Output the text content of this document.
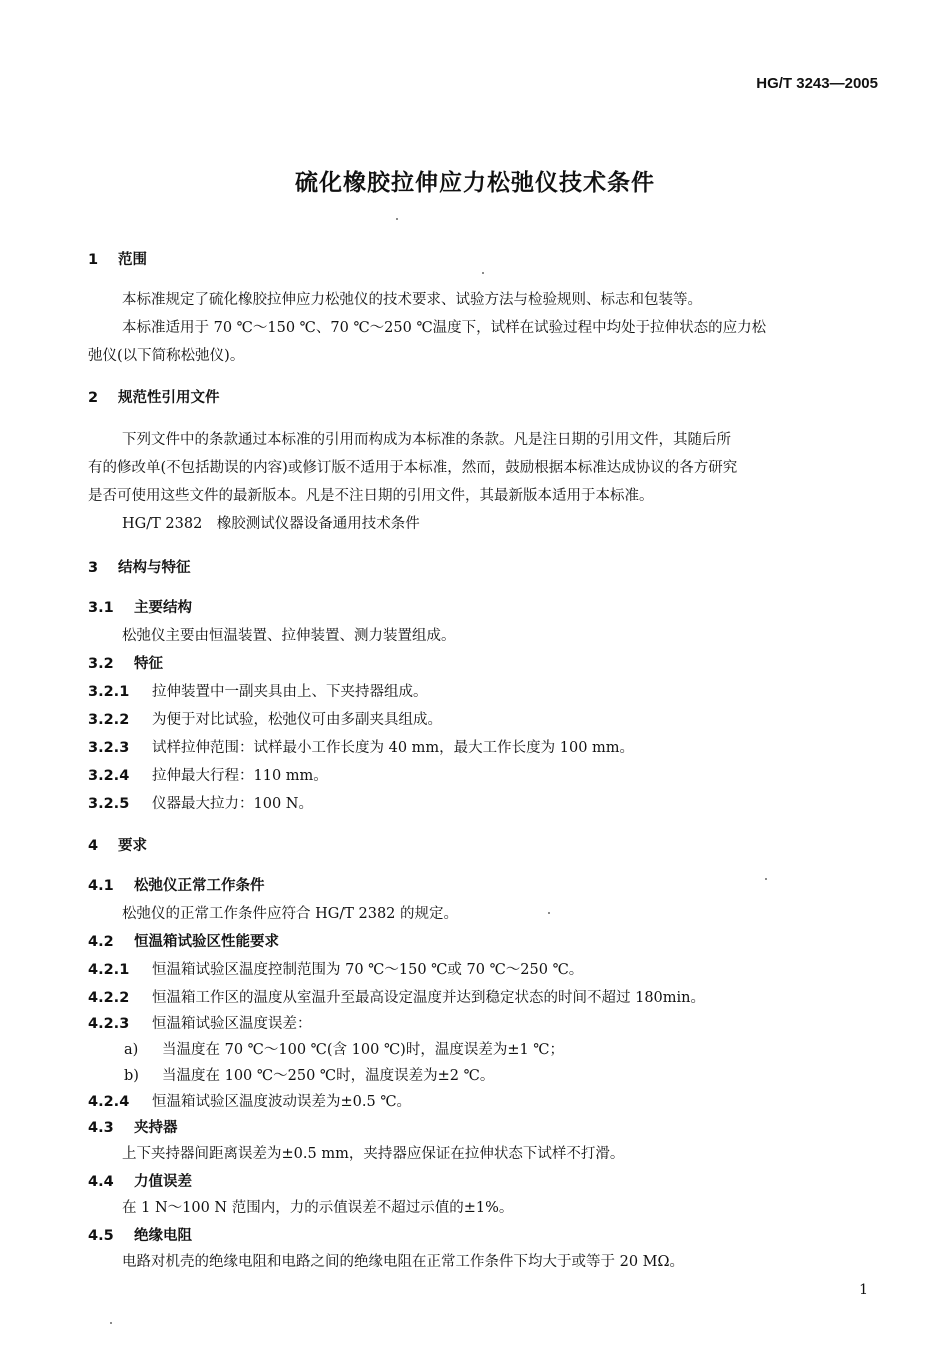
HG/T 3243—2005
硫化橡胶拉伸应力松弛仪技术条件
1 范围
本标准规定了硫化橡胶拉伸应力松弛仪的技术要求、试验方法与检验规则、标志和包装等。
本标准适用于 70 ℃～150 ℃、70 ℃～250 ℃温度下，试样在试验过程中均处于拉伸状态的应力松
弛仪(以下简称松弛仪)。
2 规范性引用文件
下列文件中的条款通过本标准的引用而构成为本标准的条款。凡是注日期的引用文件，其随后所
有的修改单(不包括勘误的内容)或修订版不适用于本标准，然而，鼓励根据本标准达成协议的各方研究
是否可使用这些文件的最新版本。凡是不注日期的引用文件，其最新版本适用于本标准。
HG/T 2382　橡胶测试仪器设备通用技术条件
3 结构与特征
3.1 主要结构
松弛仪主要由恒温装置、拉伸装置、测力装置组成。
3.2 特征
3.2.1 拉伸装置中一副夹具由上、下夹持器组成。
3.2.2 为便于对比试验，松弛仪可由多副夹具组成。
3.2.3 试样拉伸范围：试样最小工作长度为 40 mm，最大工作长度为 100 mm。
3.2.4 拉伸最大行程：110 mm。
3.2.5 仪器最大拉力：100 N。
4 要求
4.1 松弛仪正常工作条件
松弛仪的正常工作条件应符合 HG/T 2382 的规定。
4.2 恒温箱试验区性能要求
4.2.1 恒温箱试验区温度控制范围为 70 ℃～150 ℃或 70 ℃～250 ℃。
4.2.2 恒温箱工作区的温度从室温升至最高设定温度并达到稳定状态的时间不超过 180min。
4.2.3 恒温箱试验区温度误差：
a) 当温度在 70 ℃～100 ℃(含 100 ℃)时，温度误差为±1 ℃；
b) 当温度在 100 ℃～250 ℃时，温度误差为±2 ℃。
4.2.4 恒温箱试验区温度波动误差为±0.5 ℃。
4.3 夹持器
上下夹持器间距离误差为±0.5 mm，夹持器应保证在拉伸状态下试样不打滑。
4.4 力值误差
在 1 N～100 N 范围内，力的示值误差不超过示值的±1%。
4.5 绝缘电阻
电路对机壳的绝缘电阻和电路之间的绝缘电阻在正常工作条件下均大于或等于 20 MΩ。
1
